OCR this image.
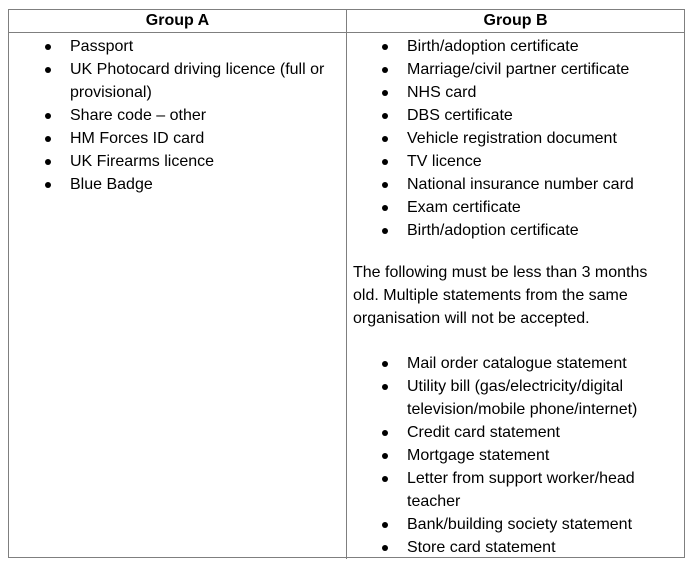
Group A	Group B
Passport
UK Photocard driving licence (full or provisional)
Share code – other
HM Forces ID card
UK Firearms licence
Blue Badge
Birth/adoption certificate
Marriage/civil partner certificate
NHS card
DBS certificate
Vehicle registration document
TV licence
National insurance number card
Exam certificate
Birth/adoption certificate

The following must be less than 3 months old. Multiple statements from the same organisation will not be accepted.

Mail order catalogue statement
Utility bill (gas/electricity/digital television/mobile phone/internet)
Credit card statement
Mortgage statement
Letter from support worker/head teacher
Bank/building society statement
Store card statement
